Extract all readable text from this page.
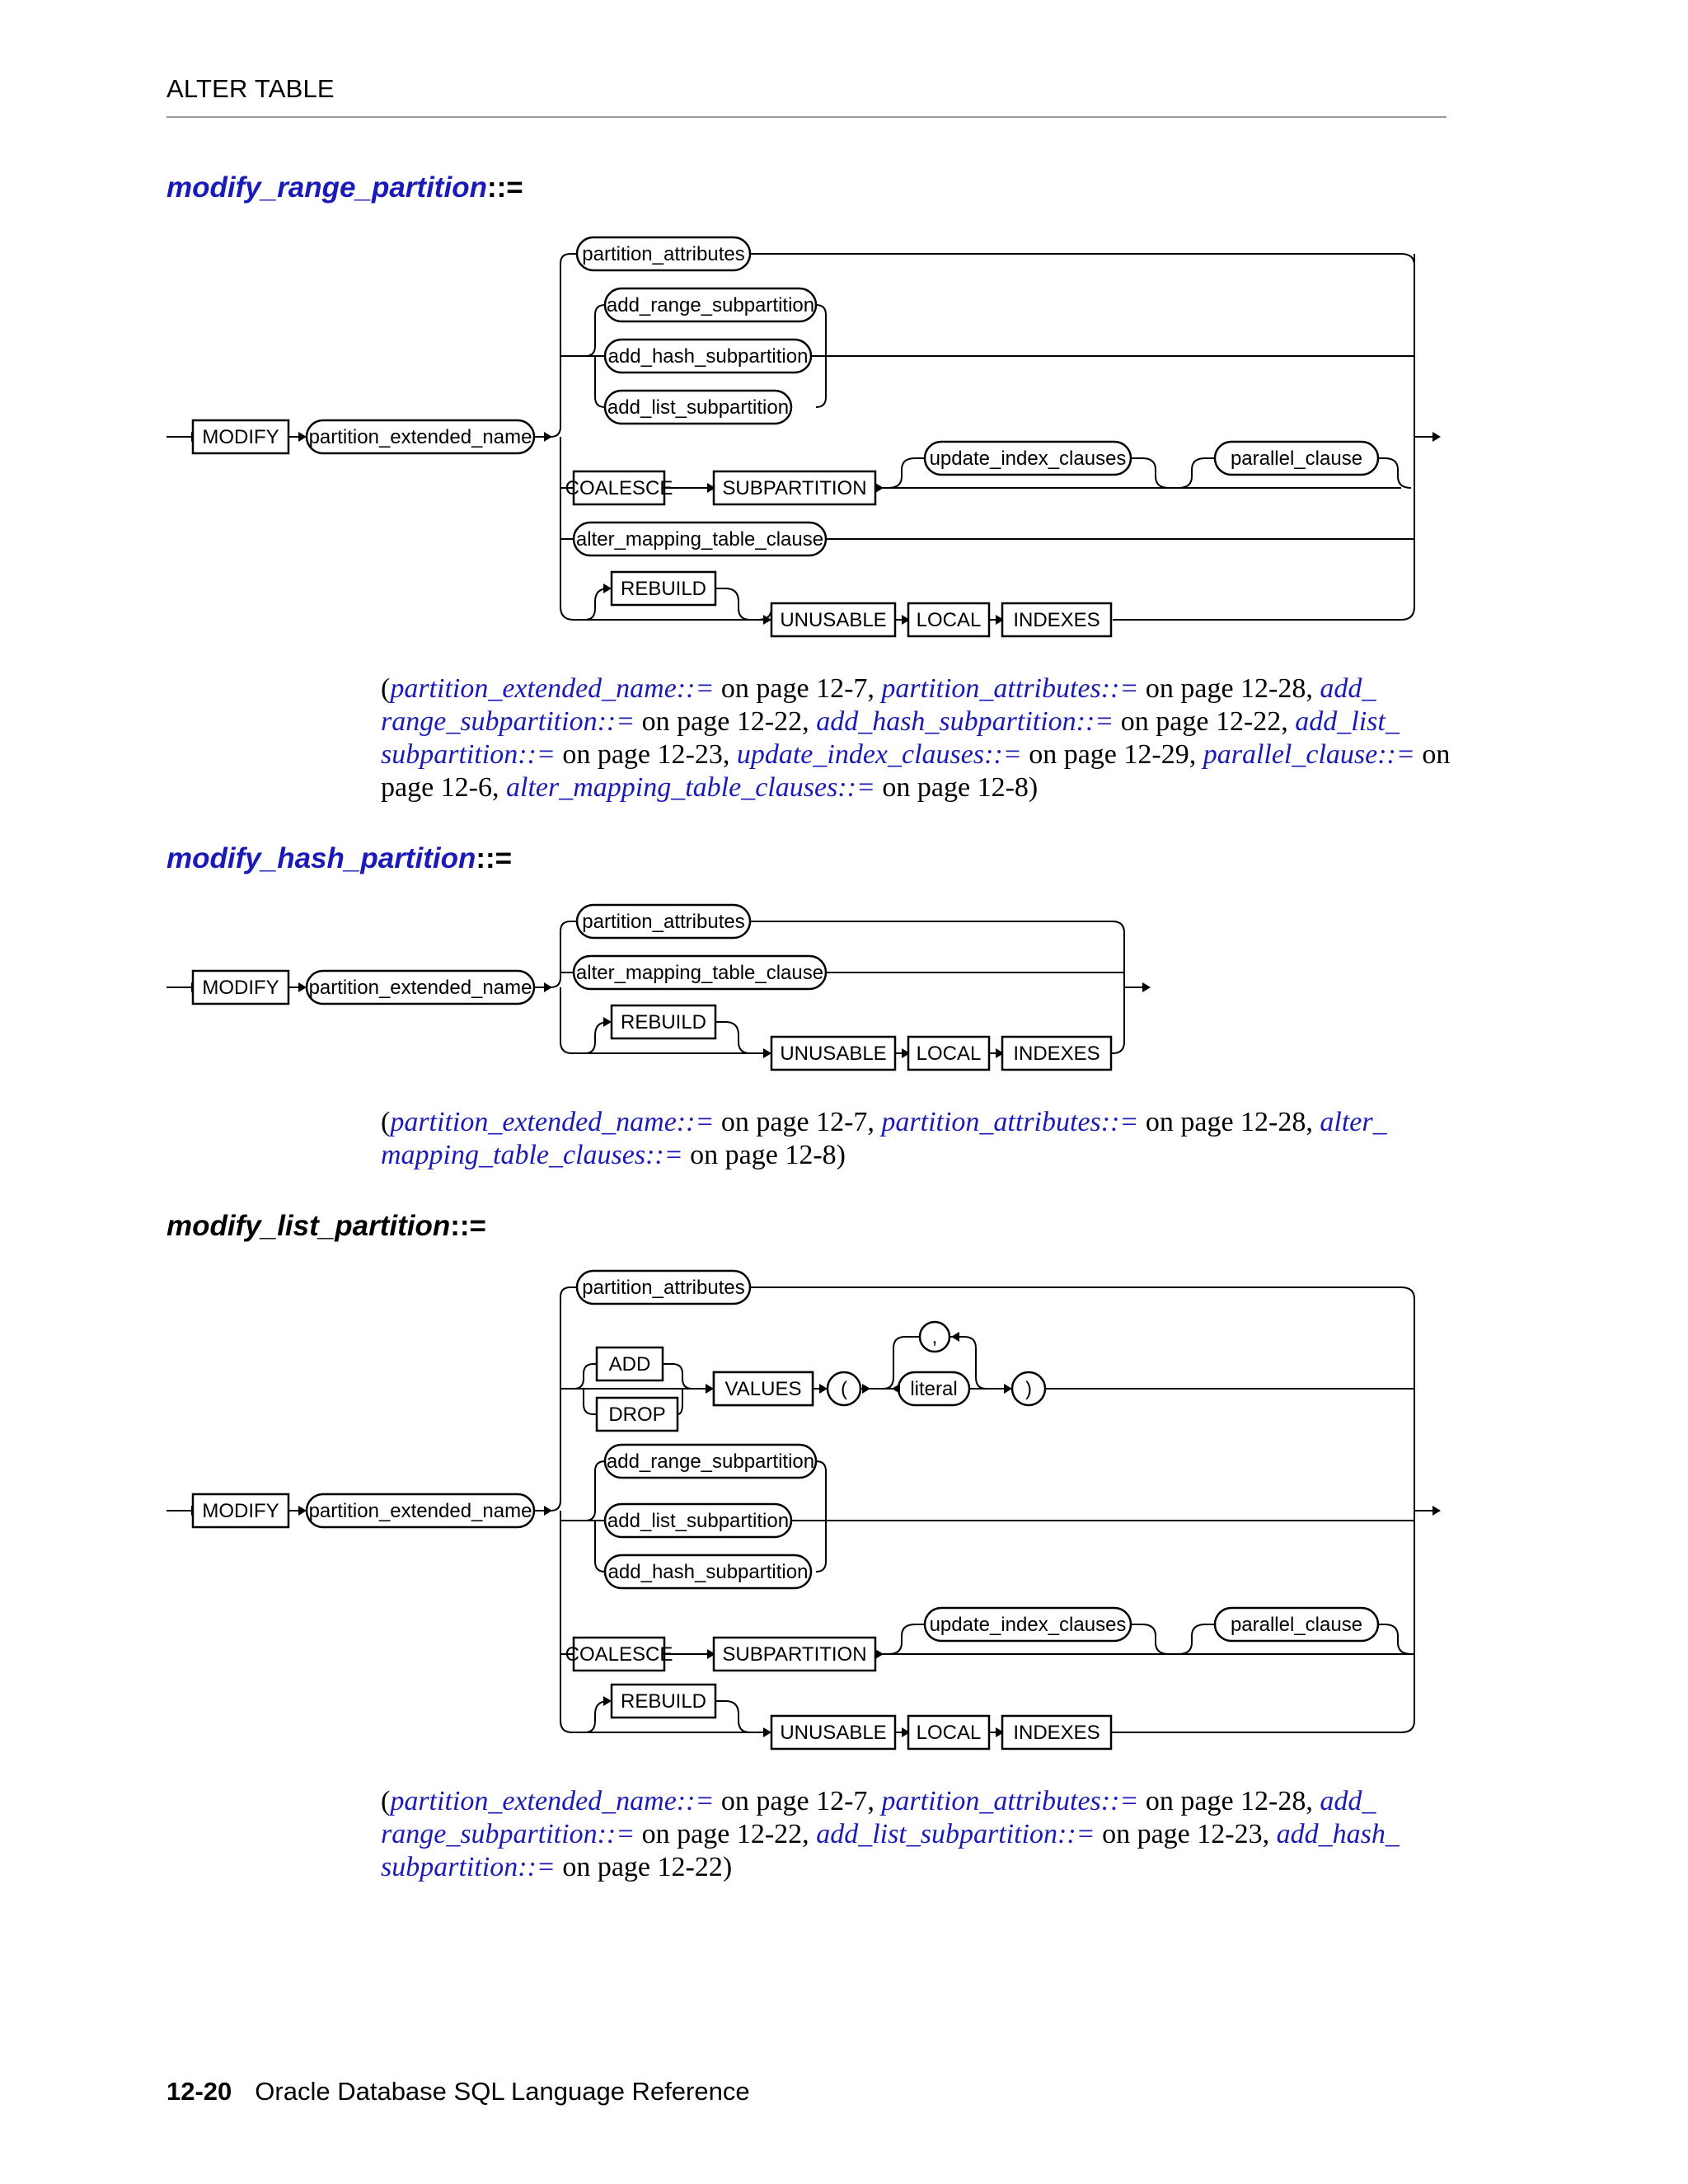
ALTER TABLE
modify_range_partition::=
partition_attributes
add_range_subpartition
add_hash_subpartition
add_list_subpartition
COALESCE	SUBPARTITION
update_index_clauses	parallel_clause
alter_mapping_table_clause
REBUILD
UNUSABLE LOCAL INDEXES
MODIFY partition_extended_name
(partition_extended_name::= on page 12-7, partition_attributes::= on page 12-28, add_ range_subpartition::= on page 12-22, add_hash_subpartition::= on page 12-22, add_list_ subpartition::= on page 12-23, update_index_clauses::= on page 12-29, parallel_clause::= on page 12-6, alter_mapping_table_clauses::= on page 12-8)
modify_hash_partition::=
partition_attributes
alter_mapping_table_clause
REBUILD
UNUSABLE LOCAL INDEXES
MODIFY partition_extended_name
(partition_extended_name::= on page 12-7, partition_attributes::= on page 12-28, alter_ mapping_table_clauses::= on page 12-8)
modify_list_partition::=
partition_attributes
ADD
DROP
VALUES (
,
literal	)
add_range_subpartition
add_list_subpartition
add_hash_subpartition
COALESCE	SUBPARTITION
update_index_clauses	parallel_clause
REBUILD
UNUSABLE LOCAL INDEXES
MODIFY partition_extended_name
(partition_extended_name::= on page 12-7, partition_attributes::= on page 12-28, add_ range_subpartition::= on page 12-22, add_list_subpartition::= on page 12-23, add_hash_ subpartition::= on page 12-22)
12-20 Oracle Database SQL Language Reference
